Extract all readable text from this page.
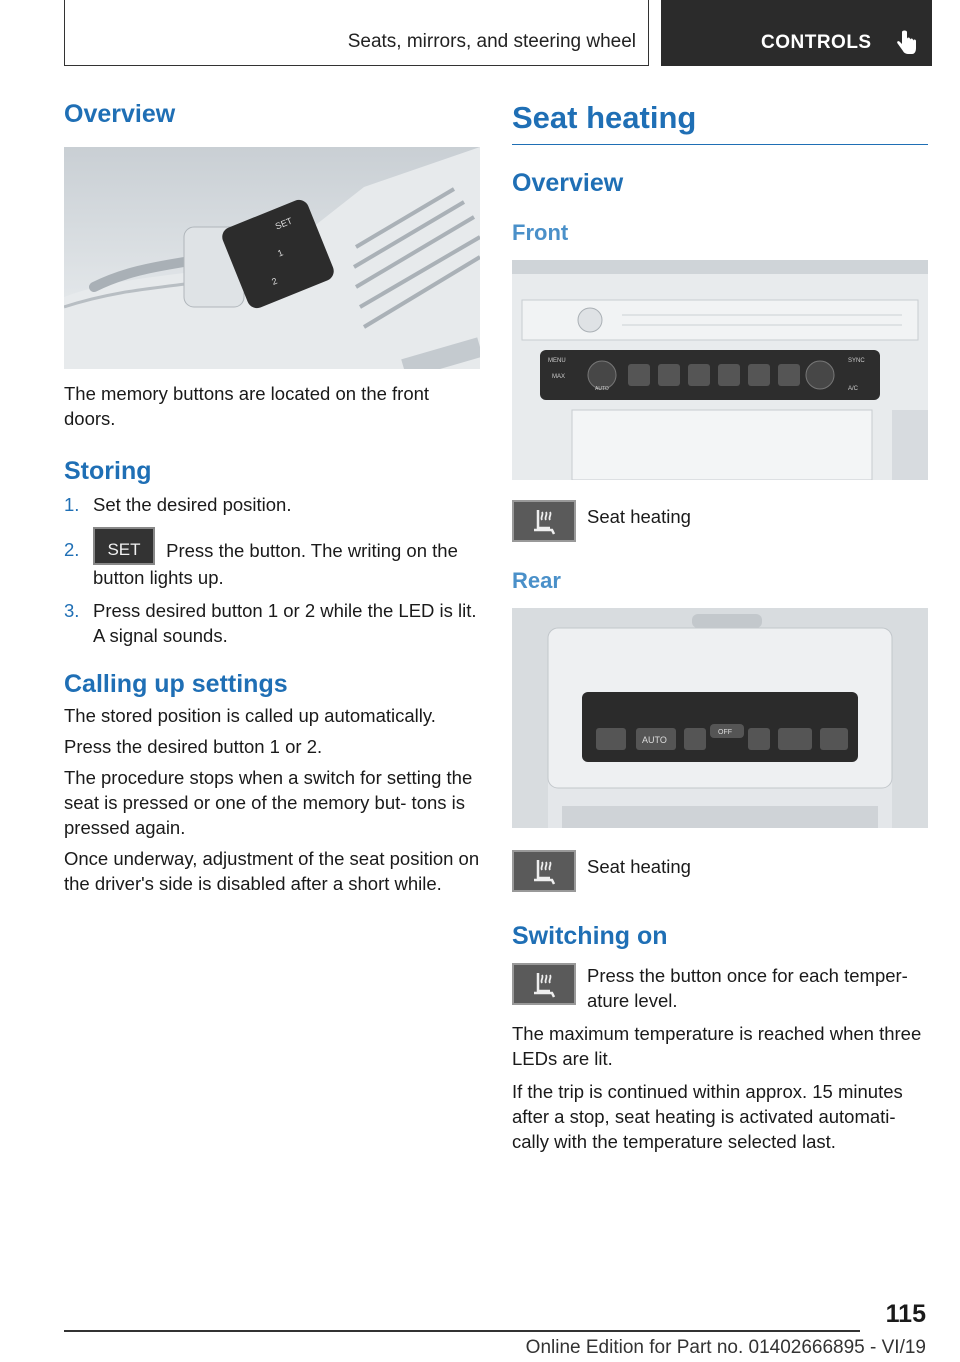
Seats, mirrors, and steering wheel	CONTROLS
Overview
SET
1
2

The memory buttons are located on the front doors.

Storing
1. Set the desired position.
2.	SET	Press the button. The writing on the button lights up.
3. Press desired button 1 or 2 while the LED is lit. A signal sounds.
Calling up settings

The stored position is called up automatically.

Press the desired button 1 or 2.

The procedure stops when a switch for setting the seat is pressed or one of the memory but- tons is pressed again.

Once underway, adjustment of the seat position on the driver's side is disabled after a short while.

Seat heating
Overview
Front
MENU
MAX
AUTO
SYNC
A/C

Seat heating

Rear
AUTO
OFF

Seat heating

Switching on

Press the button once for each temper- ature level.

The maximum temperature is reached when three LEDs are lit.

If the trip is continued within approx. 15 minutes after a stop, seat heating is activated automati- cally with the temperature selected last.

115
Online Edition for Part no. 01402666895 - VI/19
